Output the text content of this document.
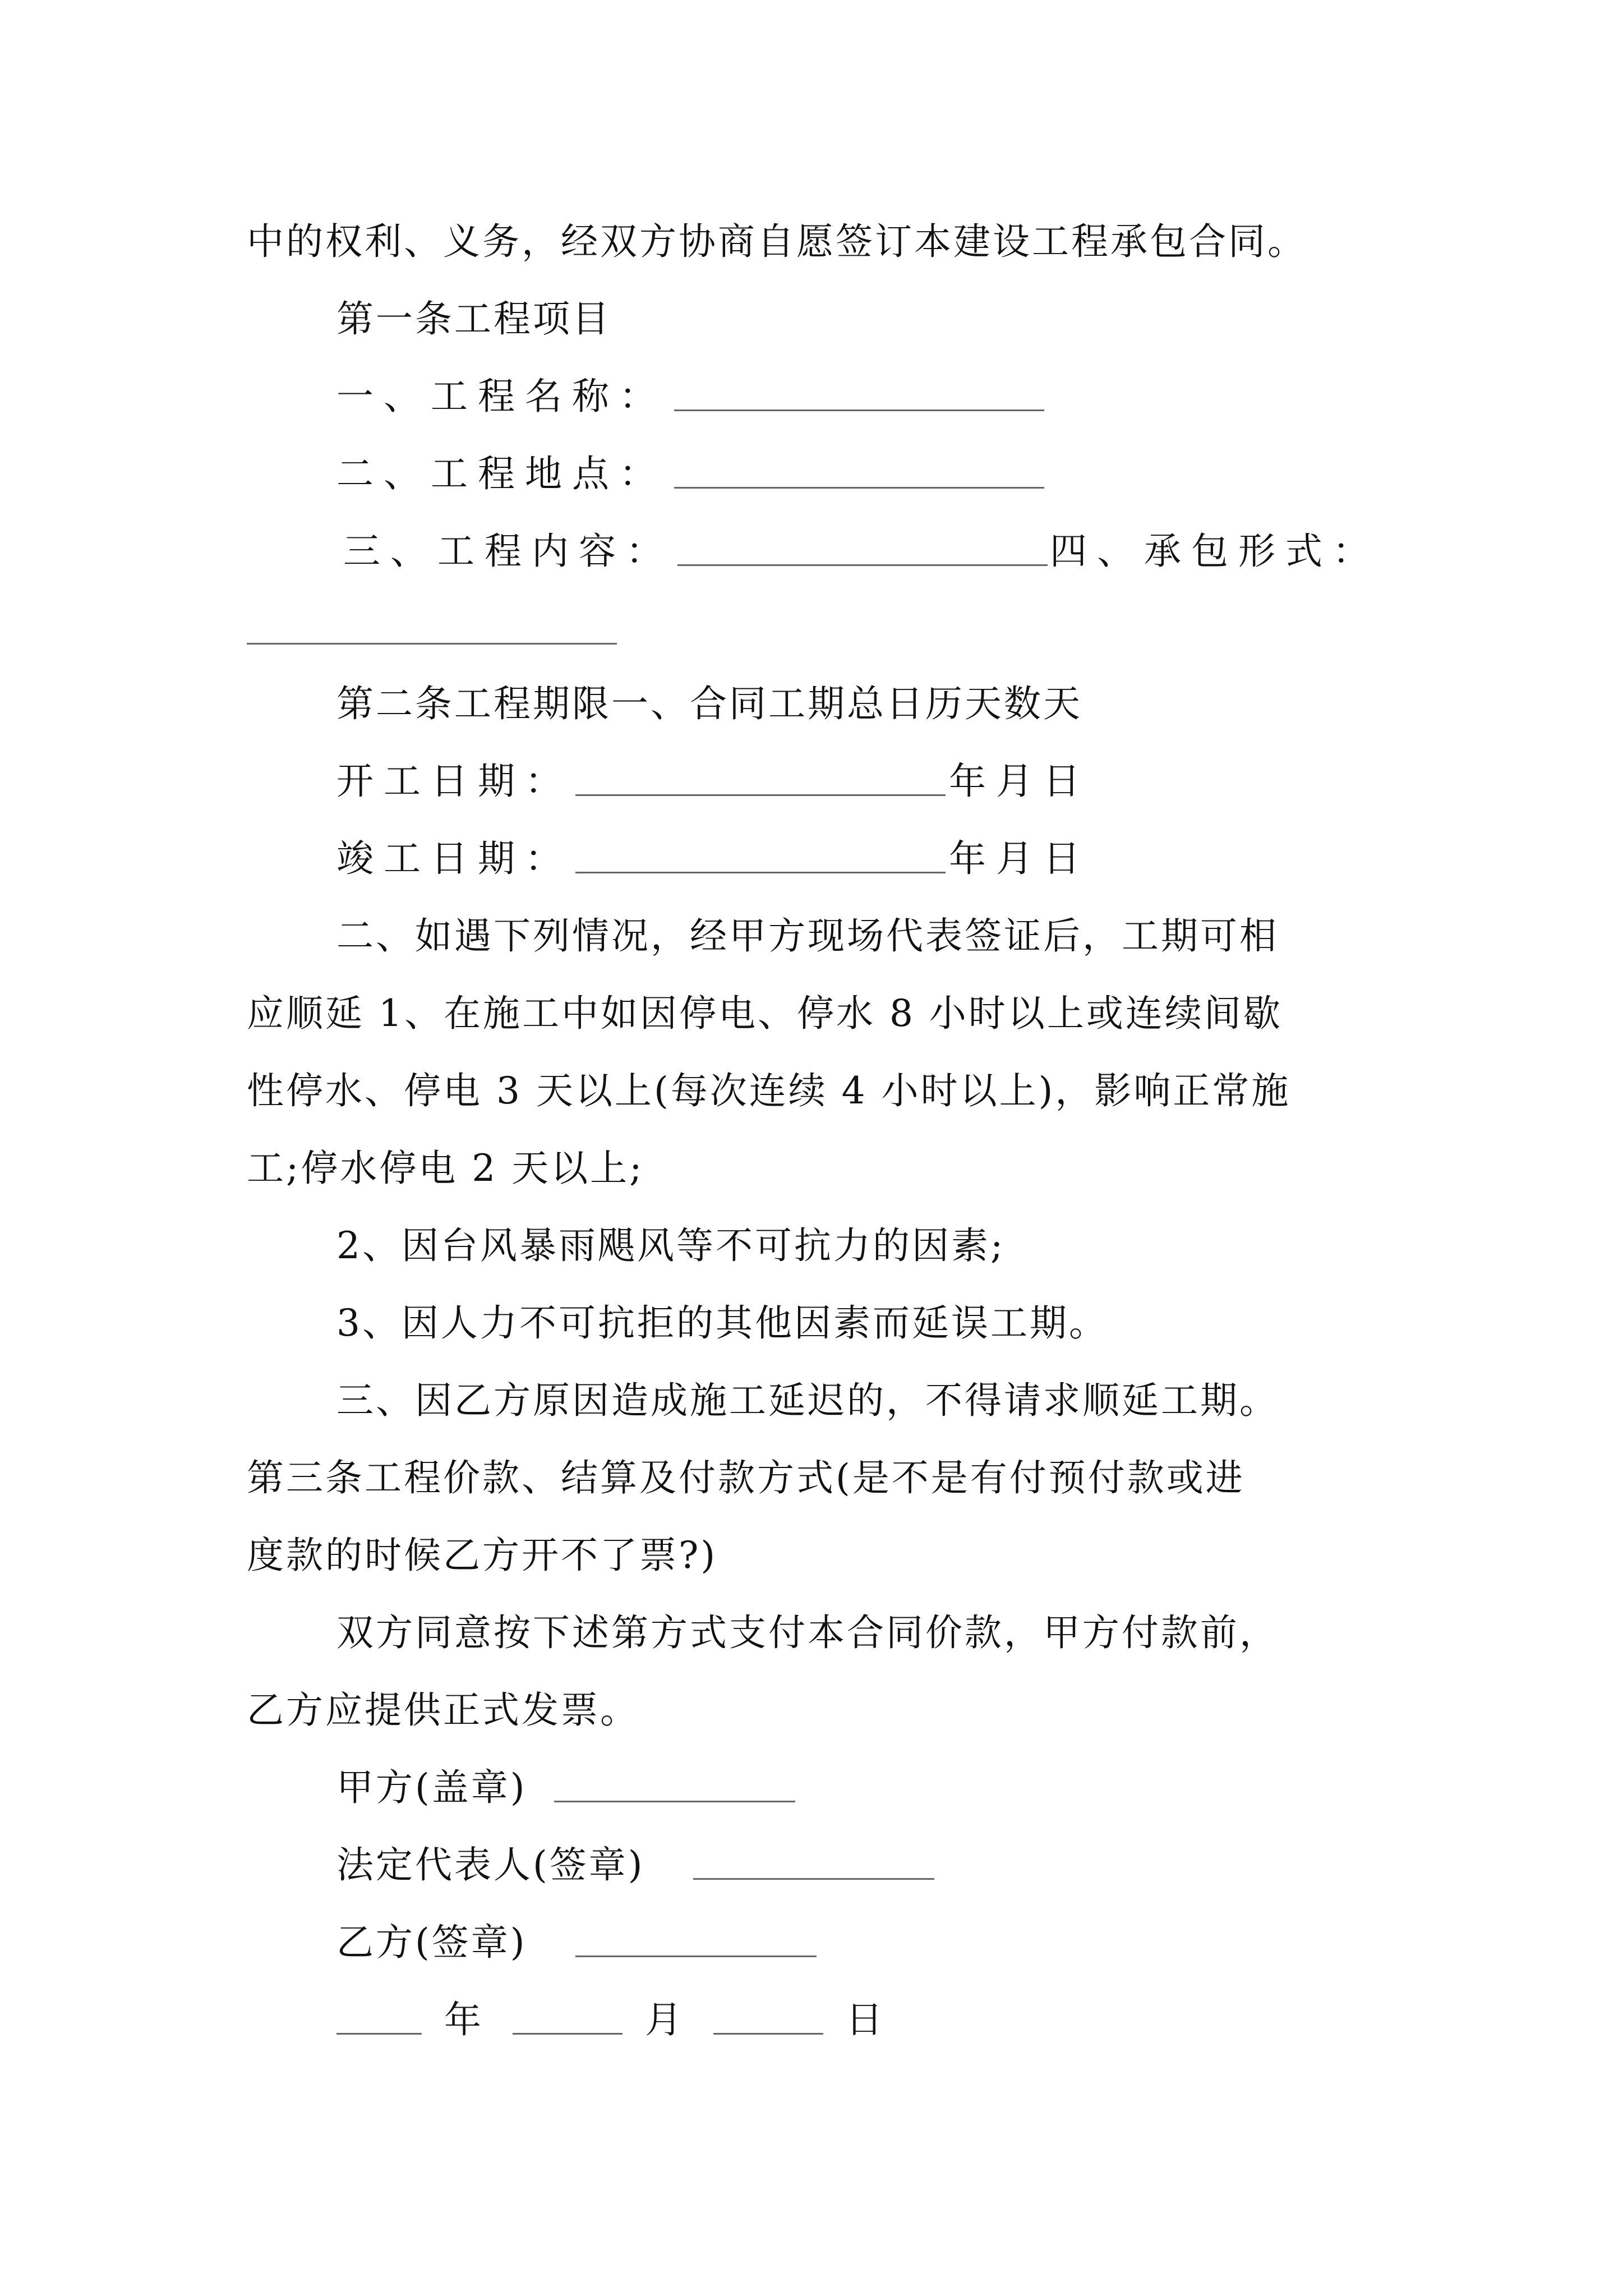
中的权利、义务，经双方协商自愿签订本建设工程承包合同。
第一条工程项目
一、工程名称：
二、工程地点：
三、工程内容：	四、承包形式：
第二条工程期限一、合同工期总日历天数天
开工日期：	年月日
竣工日期：	年月日
二、如遇下列情况，经甲方现场代表签证后，工期可相
应顺延 1、在施工中如因停电、停水 8 小时以上或连续间歇
性停水、停电 3 天以上(每次连续 4 小时以上)，影响正常施
工;停水停电 2 天以上;
2、因台风暴雨飓风等不可抗力的因素;
3、因人力不可抗拒的其他因素而延误工期。
三、因乙方原因造成施工延迟的，不得请求顺延工期。
第三条工程价款、结算及付款方式(是不是有付预付款或进
度款的时候乙方开不了票?)
双方同意按下述第方式支付本合同价款，甲方付款前，
乙方应提供正式发票。
甲方(盖章)
法定代表人(签章)
乙方(签章)
年	月	日
